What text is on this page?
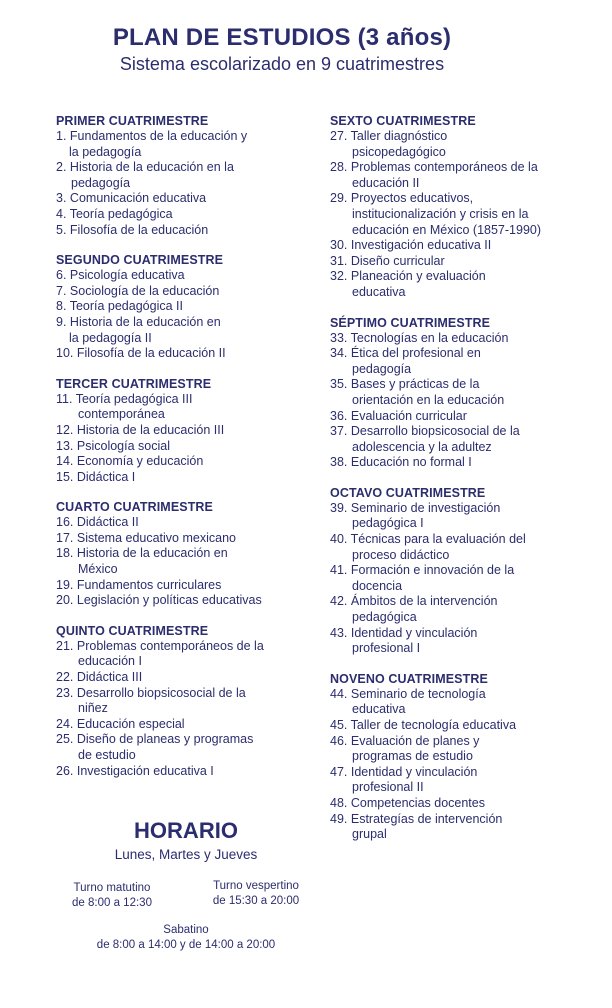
PLAN DE ESTUDIOS (3 años)
Sistema escolarizado en 9 cuatrimestres
PRIMER CUATRIMESTRE
1. Fundamentos de la educación y
la pedagogía
2. Historia de la educación en la
pedagogía
3. Comunicación educativa
4. Teoría pedagógica
5. Filosofía de la educación
SEGUNDO CUATRIMESTRE
6. Psicología educativa
7. Sociología de la educación
8. Teoría pedagógica II
9. Historia de la educación en
la pedagogía II
10. Filosofía de la educación II
TERCER CUATRIMESTRE
11. Teoría pedagógica III
contemporánea
12. Historia de la educación III
13. Psicología social
14. Economía y educación
15. Didáctica I
CUARTO CUATRIMESTRE
16. Didáctica II
17. Sistema educativo mexicano
18. Historia de la educación en
México
19. Fundamentos curriculares
20. Legislación y políticas educativas
QUINTO CUATRIMESTRE
21. Problemas contemporáneos de la
educación I
22. Didáctica III
23. Desarrollo biopsicosocial de la
niñez
24. Educación especial
25. Diseño de planeas y programas
de estudio
26. Investigación educativa I
SEXTO CUATRIMESTRE
27. Taller diagnóstico
psicopedagógico
28. Problemas contemporáneos de la
educación II
29. Proyectos educativos,
institucionalización y crisis en la
educación en México (1857-1990)
30. Investigación educativa II
31. Diseño curricular
32. Planeación y evaluación
educativa
SÉPTIMO CUATRIMESTRE
33. Tecnologías en la educación
34. Ética del profesional en
pedagogía
35. Bases y prácticas de la
orientación en la educación
36. Evaluación curricular
37. Desarrollo biopsicosocial de la
adolescencia y la adultez
38. Educación no formal I
OCTAVO CUATRIMESTRE
39. Seminario de investigación
pedagógica I
40. Técnicas para la evaluación del
proceso didáctico
41. Formación e innovación de la
docencia
42. Ámbitos de la intervención
pedagógica
43. Identidad y vinculación
profesional I
NOVENO CUATRIMESTRE
44. Seminario de tecnología
educativa
45. Taller de tecnología educativa
46. Evaluación de planes y
programas de estudio
47. Identidad y vinculación
profesional II
48. Competencias docentes
49. Estrategías de intervención
grupal
HORARIO
Lunes, Martes y Jueves
Turno matutino
de 8:00 a 12:30
Turno vespertino
de 15:30 a 20:00
Sabatino
de 8:00 a 14:00 y de 14:00 a 20:00
